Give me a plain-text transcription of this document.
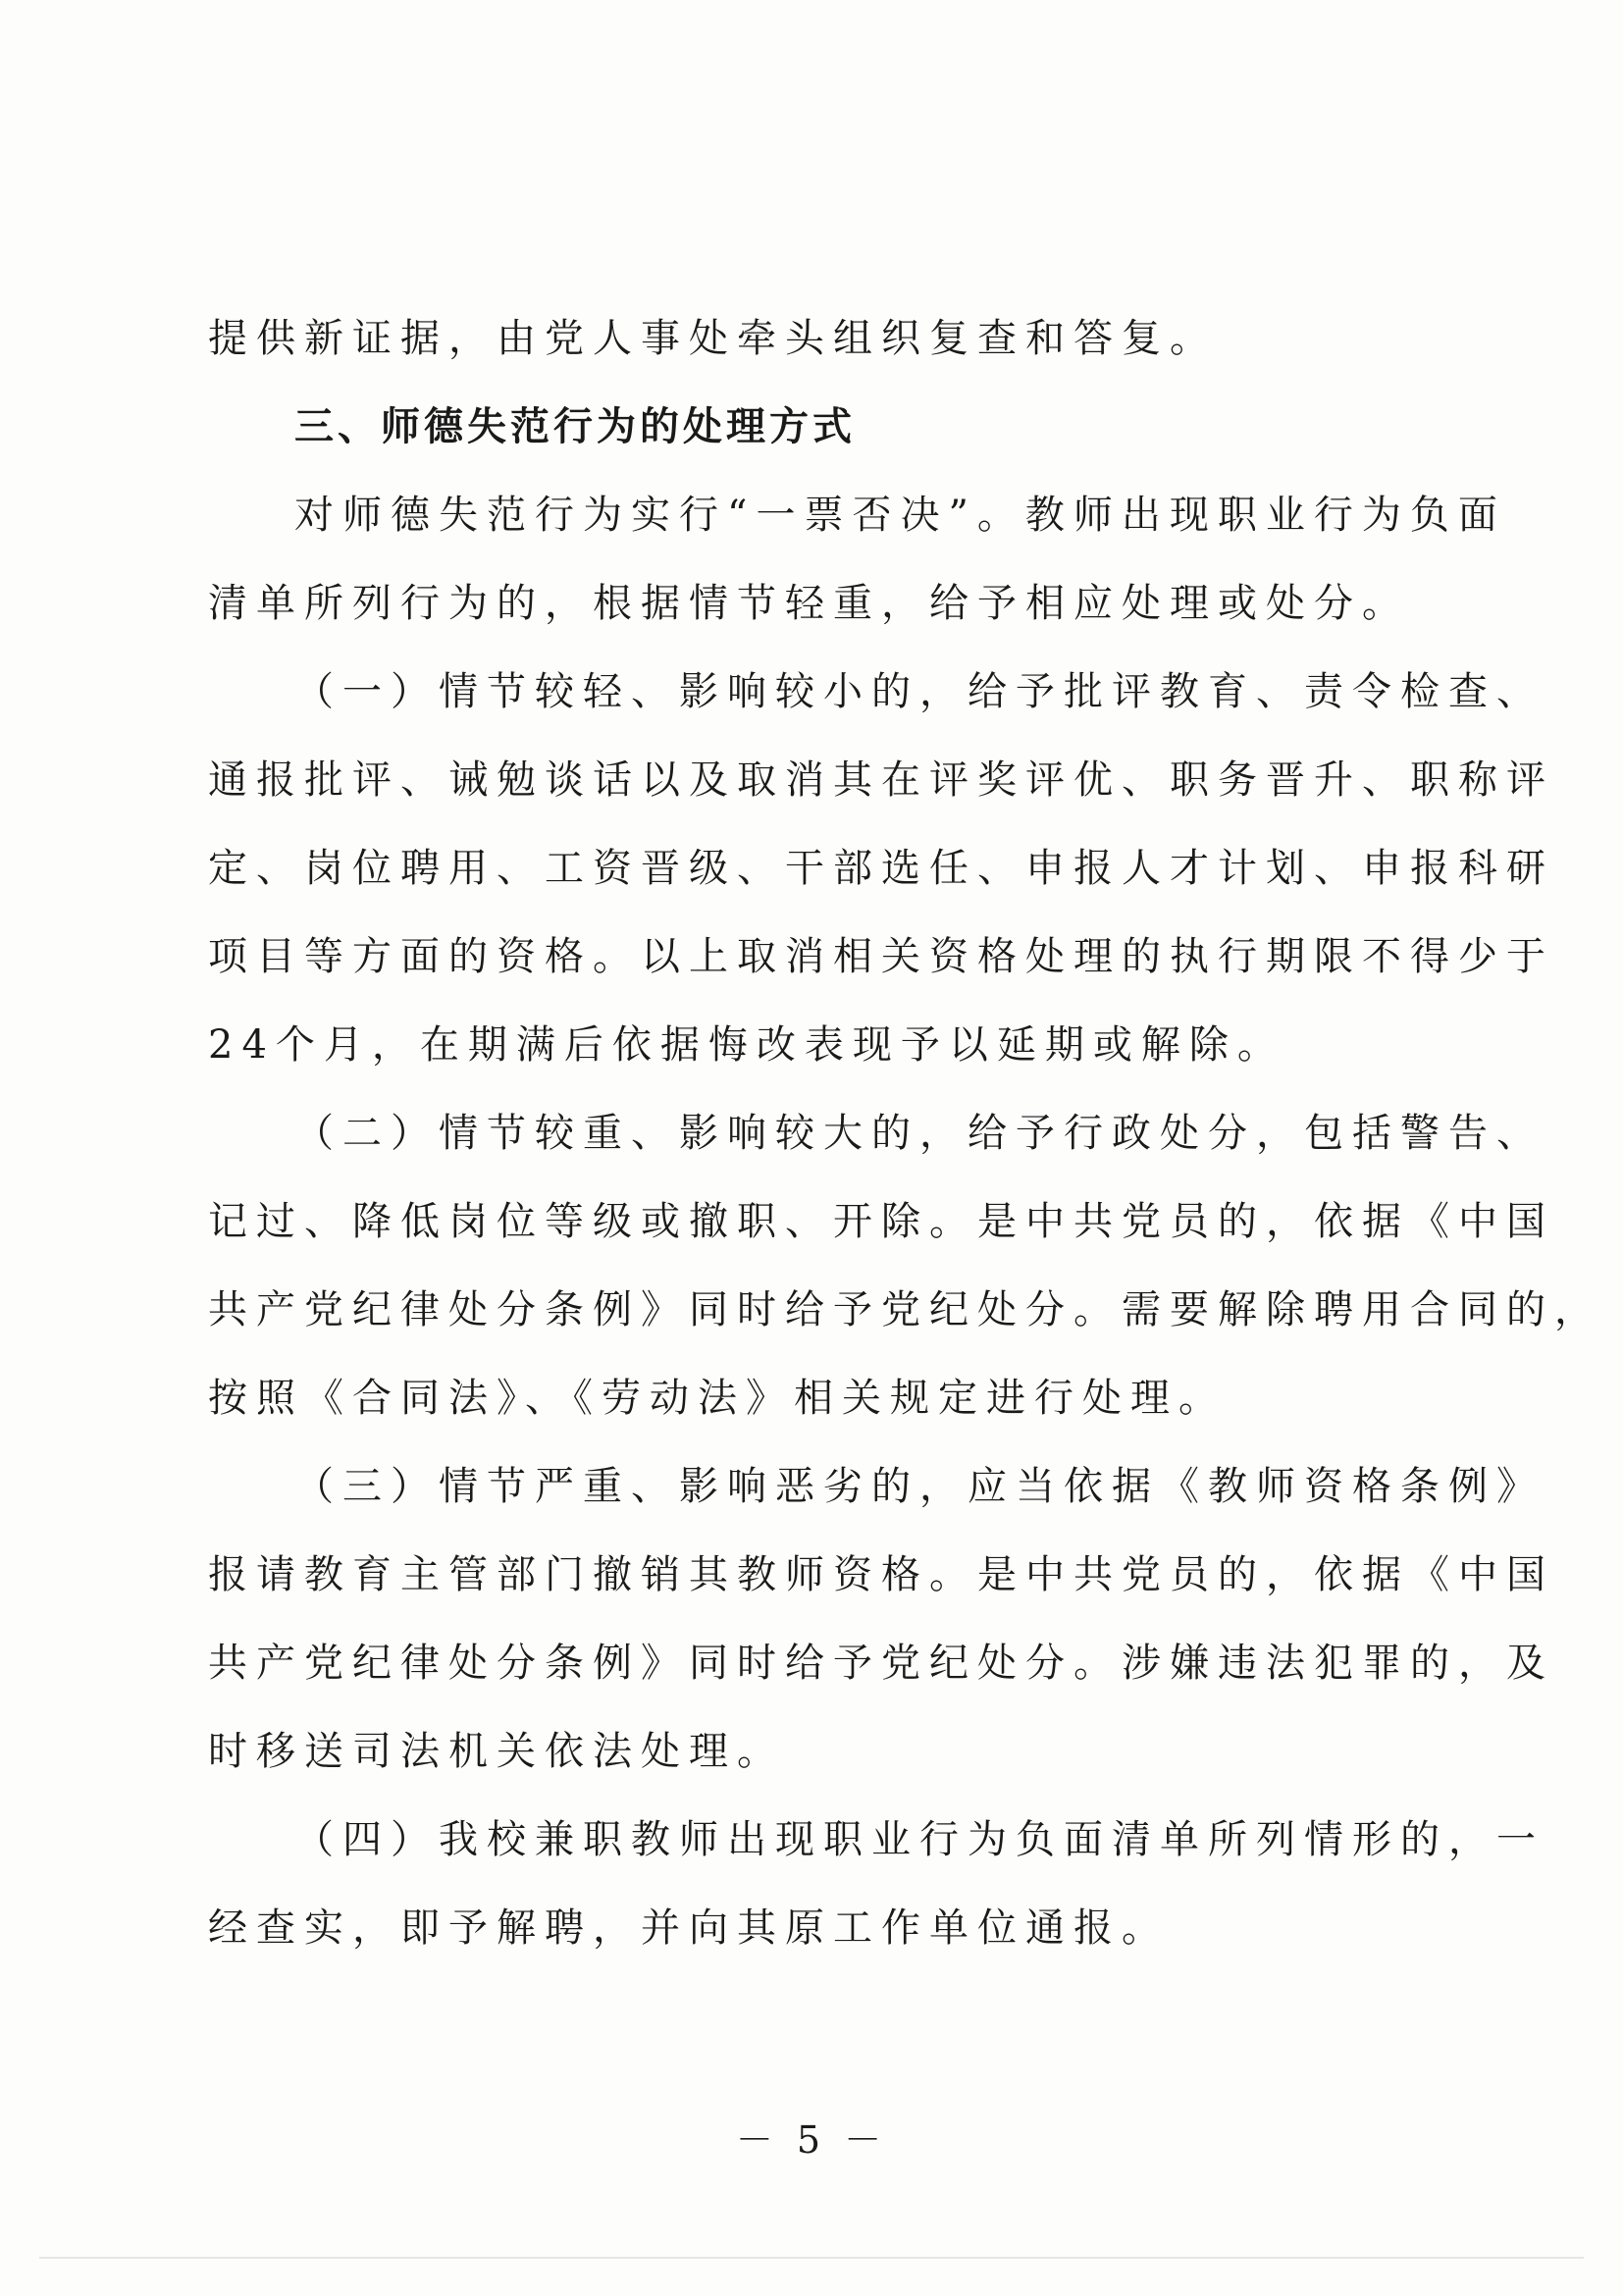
提供新证据，由党人事处牵头组织复查和答复。
三、师德失范行为的处理方式
对师德失范行为实行“一票否决”。教师出现职业行为负面
清单所列行为的，根据情节轻重，给予相应处理或处分。
（一）情节较轻、影响较小的，给予批评教育、责令检查、
通报批评、诫勉谈话以及取消其在评奖评优、职务晋升、职称评
定、岗位聘用、工资晋级、干部选任、申报人才计划、申报科研
项目等方面的资格。以上取消相关资格处理的执行期限不得少于
24个月，在期满后依据悔改表现予以延期或解除。
（二）情节较重、影响较大的，给予行政处分，包括警告、
记过、降低岗位等级或撤职、开除。是中共党员的，依据《中国
共产党纪律处分条例》同时给予党纪处分。需要解除聘用合同的，
按照《合同法》、《劳动法》相关规定进行处理。
（三）情节严重、影响恶劣的，应当依据《教师资格条例》
报请教育主管部门撤销其教师资格。是中共党员的，依据《中国
共产党纪律处分条例》同时给予党纪处分。涉嫌违法犯罪的，及
时移送司法机关依法处理。
（四）我校兼职教师出现职业行为负面清单所列情形的，一
经查实，即予解聘，并向其原工作单位通报。
－ 5 －
